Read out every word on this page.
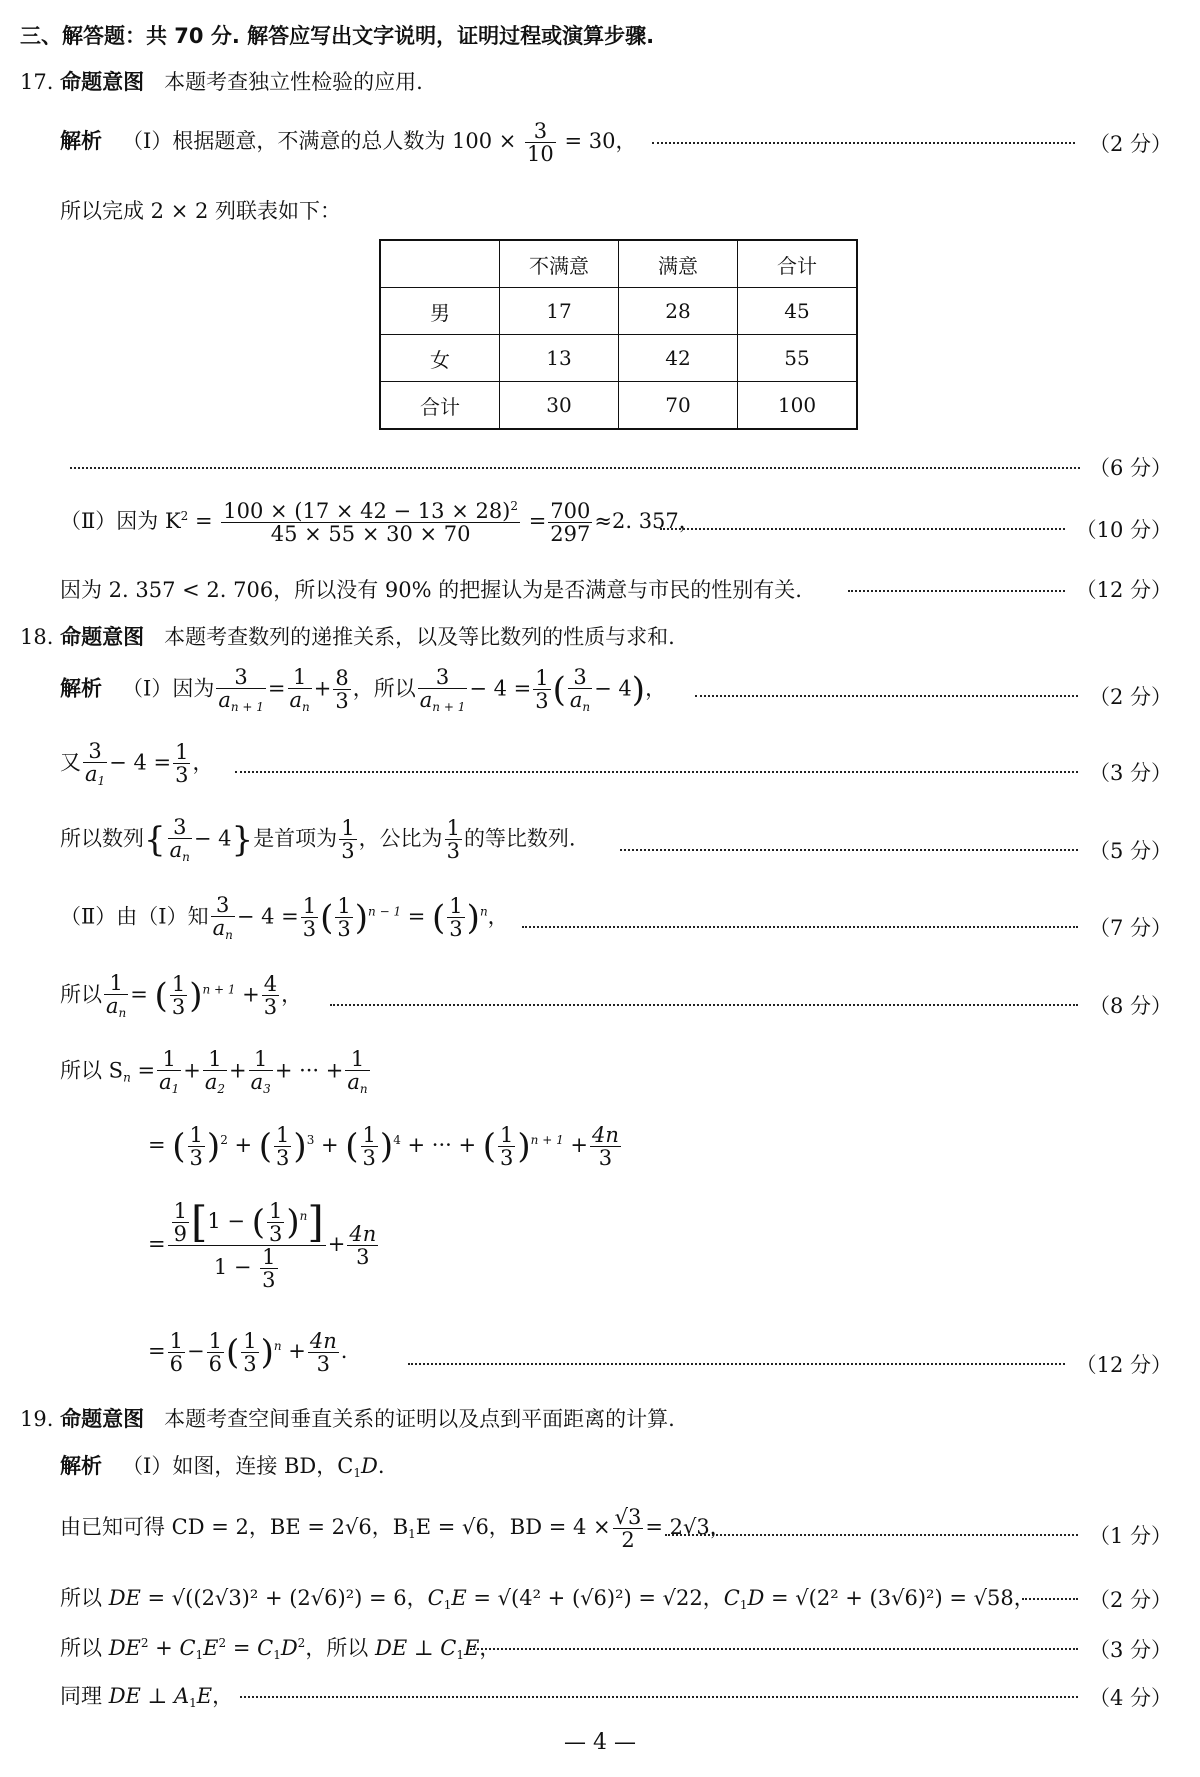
三、解答题：共 70 分. 解答应写出文字说明，证明过程或演算步骤.
17. 命题意图 本题考查独立性检验的应用.
解析 （Ⅰ）根据题意，不满意的总人数为 $100 \times \frac{3}{10} = 30$，	（2 分）
所以完成 2 × 2 列联表如下：
	不满意	满意	合计
男	17	28	45
女	13	42	55
合计	30	70	100
（6 分）
（Ⅱ）因为 $K^2 = \frac{100 \times (17 \times 42 - 13 \times 28)^2}{45 \times 55 \times 30 \times 70} = \frac{700}{297} \approx 2$. 357，	（10 分）
因为 2. 357 < 2. 706，所以没有 90% 的把握认为是否满意与市民的性别有关.	（12 分）
18. 命题意图 本题考查数列的递推关系，以及等比数列的性质与求和.
解析 （Ⅰ）因为 $\frac{3}{a_{n + 1}} = \frac{1}{a_n} + \frac{8}{3}$ ，所以 $\frac{3}{a_{n + 1}} - 4 = \frac{1}{3}$ ( $\frac{3}{a_n} - 4$)，	（2 分）
又 $\frac{3}{a_1} - 4 = \frac{1}{3}$ ，	（3 分）
所以数列{ $\frac{3}{a_n} - 4$}是首项为 $\frac{1}{3}$ ，公比为 $\frac{1}{3}$ 的等比数列.
（5 分）
（Ⅱ）由（Ⅰ）知 $\frac{3}{a_n} - 4 = \frac{1}{3}$ ( $\frac{1}{3} )^{n - 1}$ = ( $\frac{1}{3} )^n$，	（7 分）
所以 $\frac{1}{a_n}$ = ( $\frac{1}{3} )^{n + 1} + \frac{4}{3}$ ，	（8 分）
所以 $S_n = \frac{1}{a_1} + \frac{1}{a_2} + \frac{1}{a_3}$ + ··· + $\frac{1}{a_n}$
= ( $\frac{1}{3} )^2$ + ( $\frac{1}{3} )^3$ + ( $\frac{1}{3} )^4$ + ··· + ( $\frac{1}{3} )^{n + 1} + \frac{4n}{3}$
= $\frac{\frac{1}{9} [1 - ( \frac{1}{3} )^n]}{1 - \frac{1}{3}} + \frac{4n}{3}$
= $\frac{1}{6} - \frac{1}{6}$ ( $\frac{1}{3} )^n + \frac{4n}{3}$ .
（12 分）
19. 命题意图 本题考查空间垂直关系的证明以及点到平面距离的计算.
解析 （Ⅰ）如图，连接 BD，$C_1D$.
由已知可得 CD = 2，BE = 2√6，$B_1E = √6$，BD = $4 \times \frac{√3}{2} = 2√3$，	（1 分）
所以 DE = √((2√3)² + (2√6)²) = 6，$C_1E = √(4^2 + (√6)^2) = √22$，$C_1D = √(2^2 + (3√6)^2) = √58$，	（2 分）
所以 $DE^2 + C_1E^2 = C_1D^2$，所以 DE ⊥ $C_1E$，	（3 分）
同理 DE ⊥ $A_1E$，	（4 分）
— 4 —
